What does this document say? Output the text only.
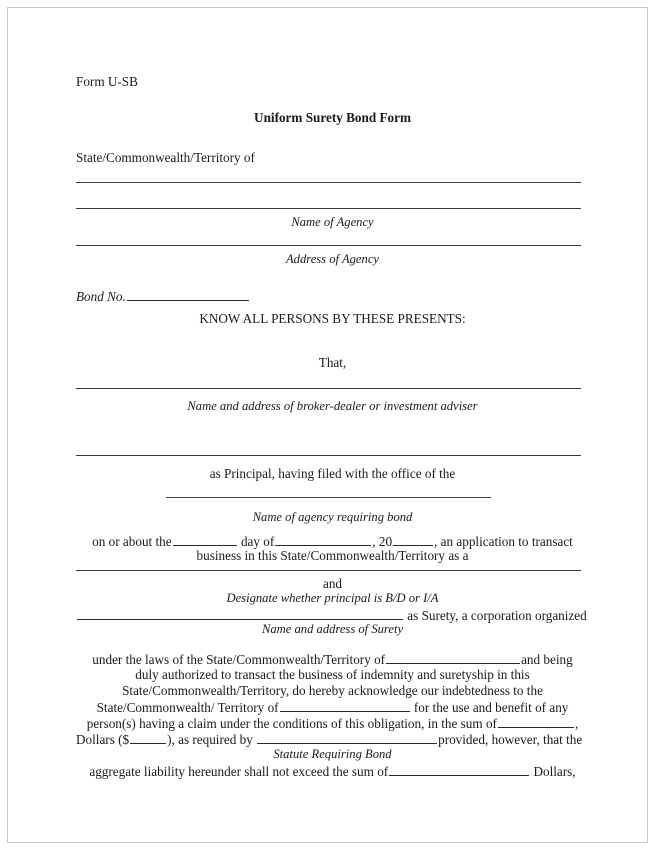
Form U-SB
Uniform Surety Bond Form
State/Commonwealth/Territory of
Name of Agency
Address of Agency
Bond No.
KNOW ALL PERSONS BY THESE PRESENTS:
That,
Name and address of broker-dealer or investment adviser
as Principal, having filed with the office of the
Name of agency requiring bond
on or about the	day of	, 20	, an application to transact
business in this State/Commonwealth/Territory as a
and
Designate whether principal is B/D or I/A
as Surety, a corporation organized
Name and address of Surety
under the laws of the State/Commonwealth/Territory of	and being
duly authorized to transact the business of indemnity and suretyship in this
State/Commonwealth/Territory, do hereby acknowledge our indebtedness to the
State/Commonwealth/ Territory of	for the use and benefit of any
person(s) having a claim under the conditions of this obligation, in the sum of	,
Dollars ($	), as required by	provided, however, that the
Statute Requiring Bond
aggregate liability hereunder shall not exceed the sum of	Dollars,
